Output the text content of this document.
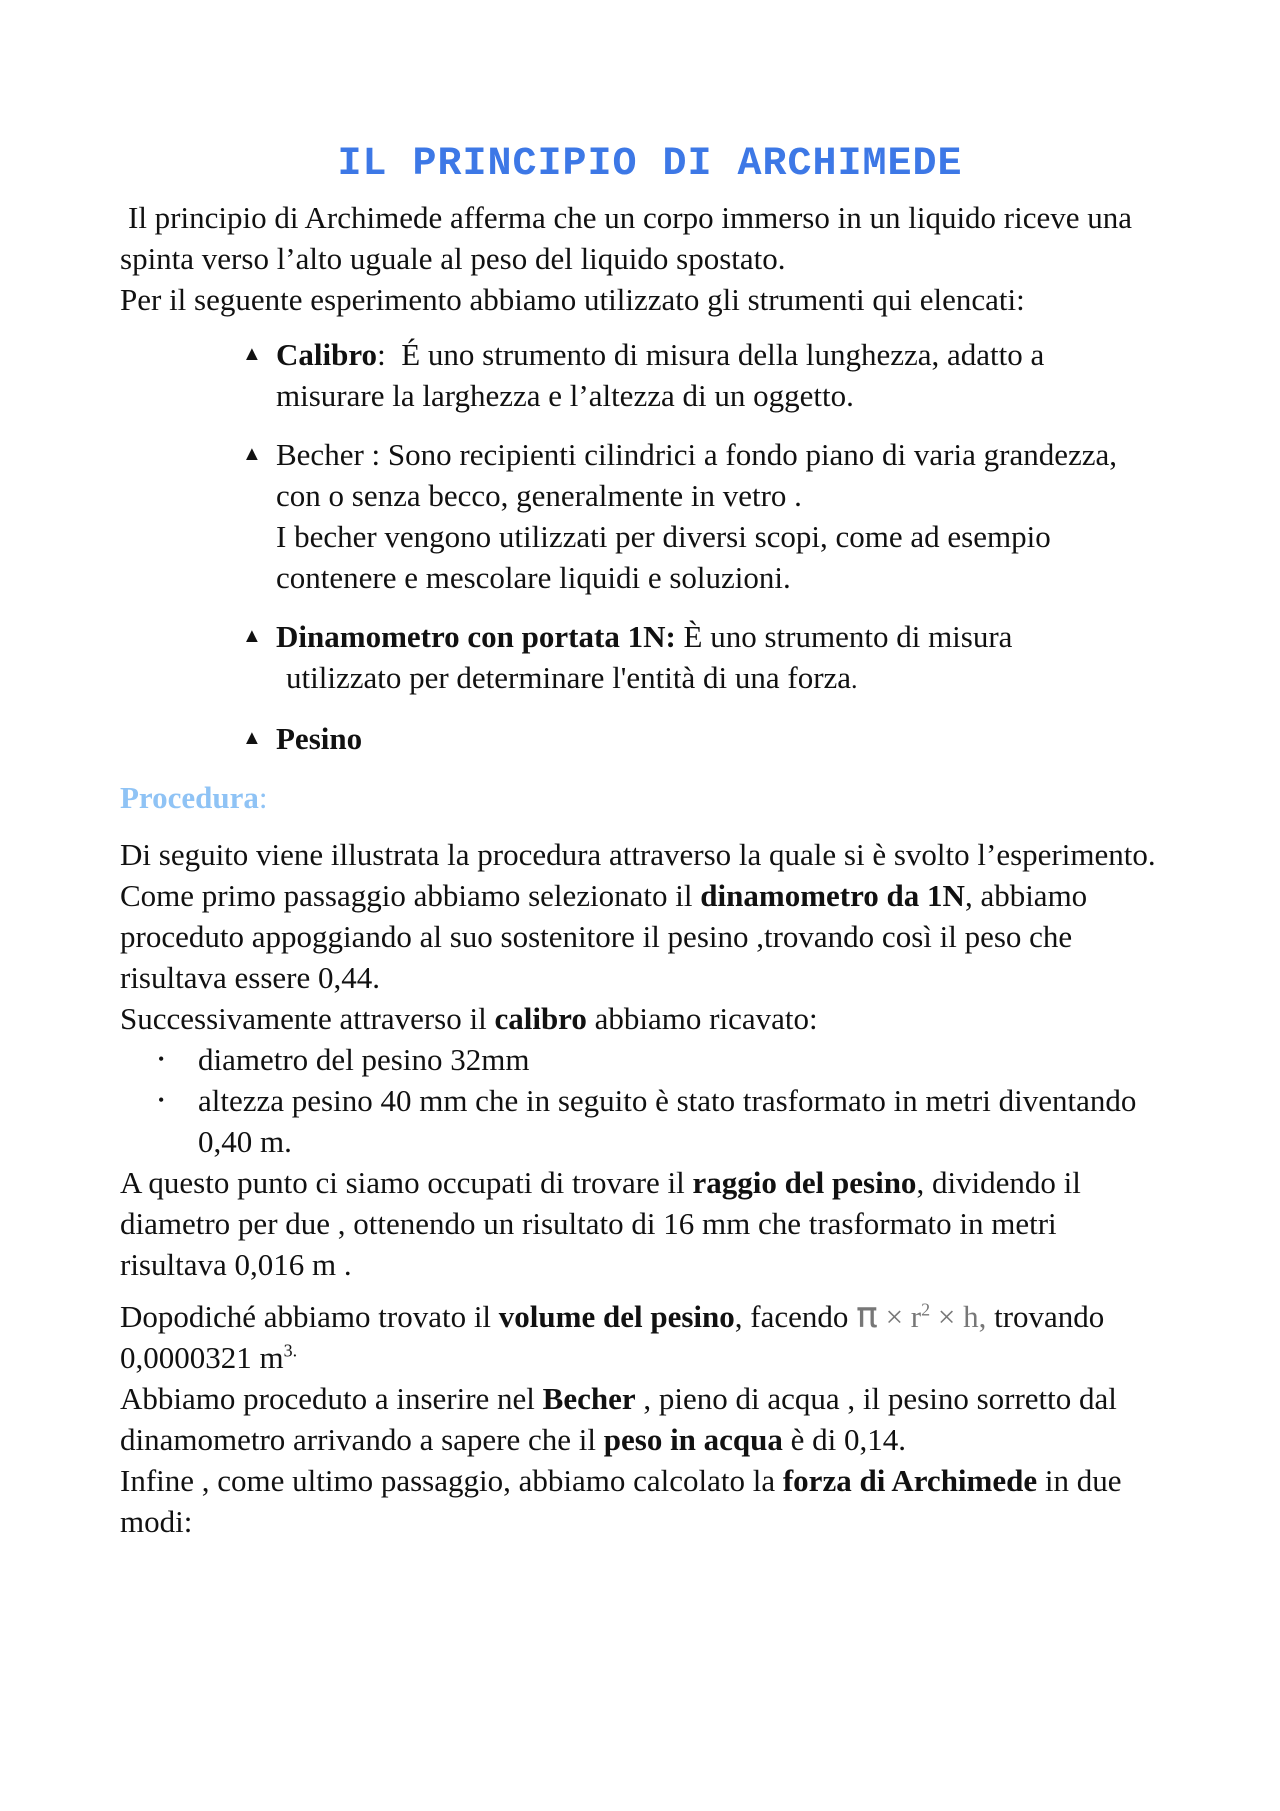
IL PRINCIPIO DI ARCHIMEDE

Il principio di Archimede afferma che un corpo immerso in un liquido riceve una spinta verso l’alto uguale al peso del liquido spostato.

Per il seguente esperimento abbiamo utilizzato gli strumenti qui elencati:

▲ Calibro: É uno strumento di misura della lunghezza, adatto a misurare la larghezza e l’altezza di un oggetto.
▲ Becher : Sono recipienti cilindrici a fondo piano di varia grandezza, con o senza becco, generalmente in vetro .
I becher vengono utilizzati per diversi scopi, come ad esempio contenere e mescolare liquidi e soluzioni.
▲ Dinamometro con portata 1N: È uno strumento di misura
utilizzato per determinare l'entità di una forza.
▲ Pesino

Procedura:

Di seguito viene illustrata la procedura attraverso la quale si è svolto l’esperimento.

Come primo passaggio abbiamo selezionato il dinamometro da 1N, abbiamo proceduto appoggiando al suo sostenitore il pesino ,trovando così il peso che risultava essere 0,44.

Successivamente attraverso il calibro abbiamo ricavato:

• diametro del pesino 32mm
• altezza pesino 40 mm che in seguito è stato trasformato in metri diventando 0,40 m.

A questo punto ci siamo occupati di trovare il raggio del pesino, dividendo il diametro per due , ottenendo un risultato di 16 mm che trasformato in metri risultava 0,016 m .

Dopodiché abbiamo trovato il volume del pesino, facendo $\pi \times r^2 \times h$, trovando 0,0000321 $m^{3.}$

Abbiamo proceduto a inserire nel Becher , pieno di acqua , il pesino sorretto dal dinamometro arrivando a sapere che il peso in acqua è di 0,14.

Infine , come ultimo passaggio, abbiamo calcolato la forza di Archimede in due modi:
